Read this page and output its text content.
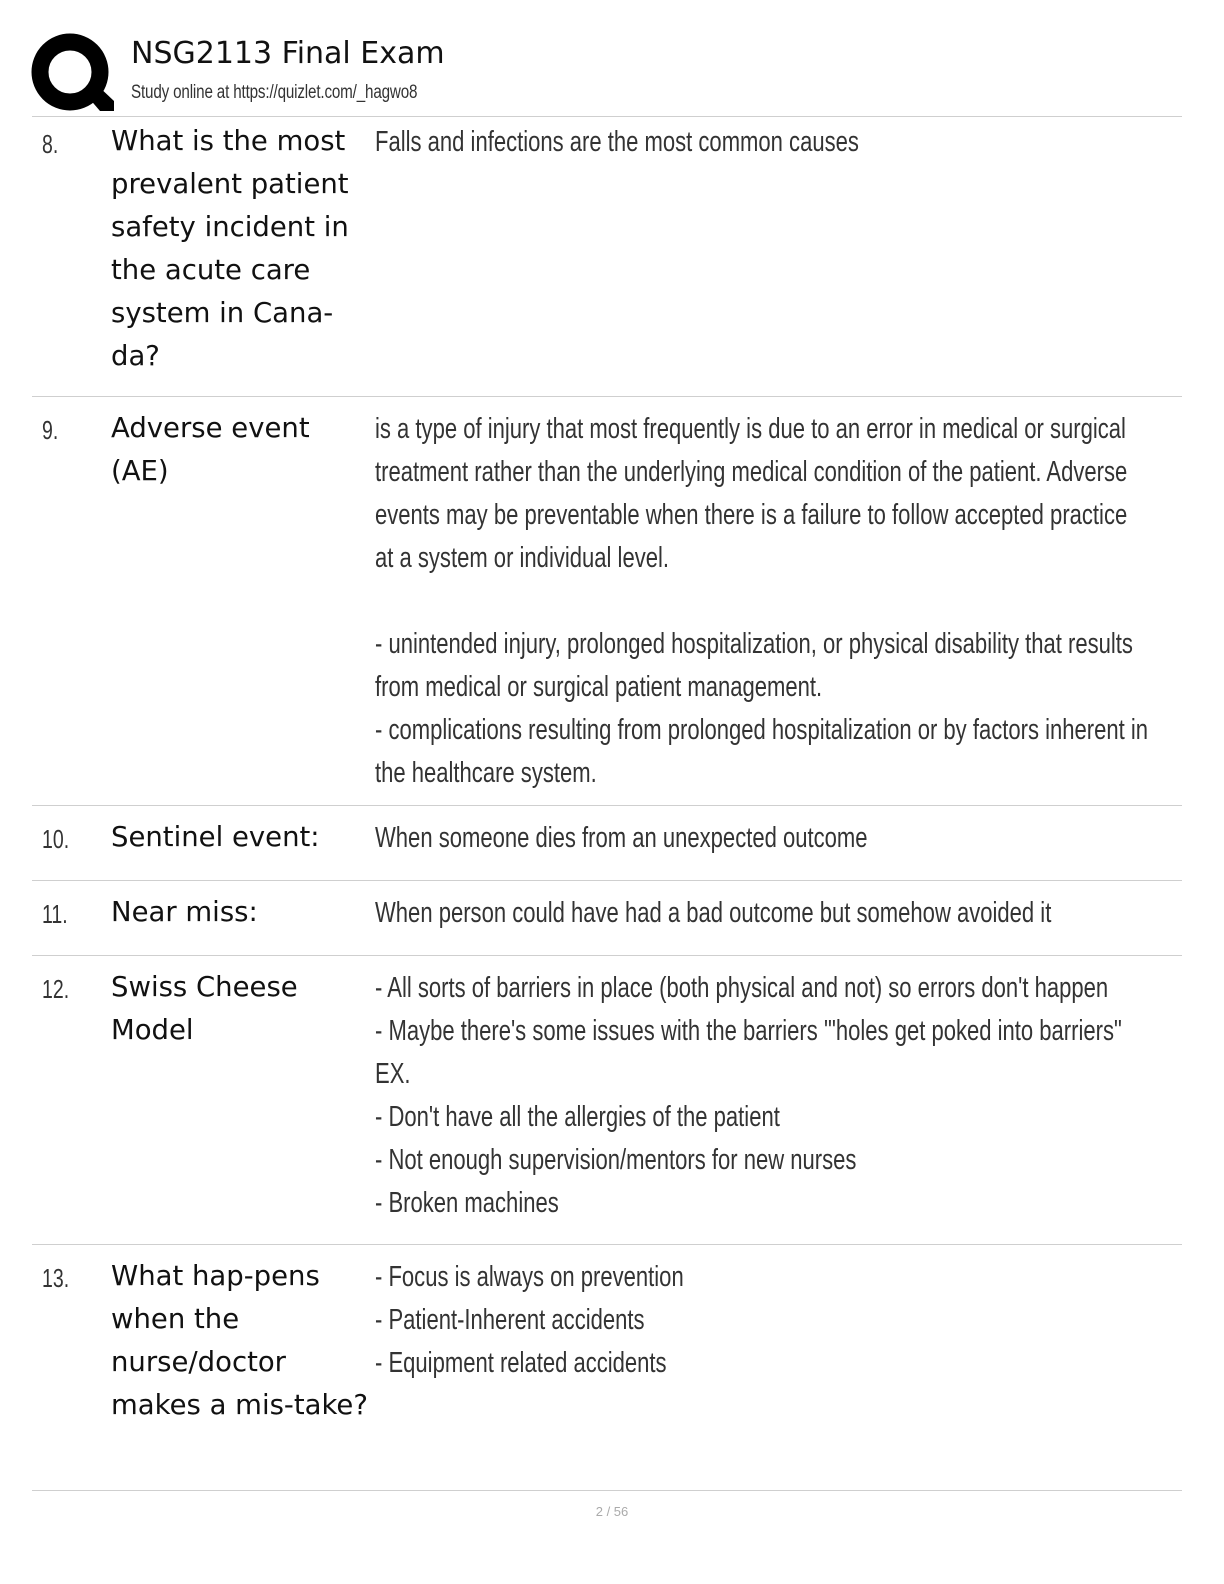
NSG2113 Final Exam
Study online at https://quizlet.com/_hagwo8
8. What is the most prevalent patient safety incident in the acute care system in Cana-da?
Falls and infections are the most common causes
9. Adverse event (AE)
is a type of injury that most frequently is due to an error in medical or surgical treatment rather than the underlying medical condition of the patient. Adverse events may be preventable when there is a failure to follow accepted practice at a system or individual level.

- unintended injury, prolonged hospitalization, or physical disability that results from medical or surgical patient management.
- complications resulting from prolonged hospitalization or by factors inherent in the healthcare system.
10. Sentinel event:	When someone dies from an unexpected outcome
11. Near miss:	When person could have had a bad outcome but somehow avoided it
12. Swiss Cheese Model
- All sorts of barriers in place (both physical and not) so errors don't happen
- Maybe there's some issues with the barriers '"holes get poked into barriers" EX.
- Don't have all the allergies of the patient
- Not enough supervision/mentors for new nurses
- Broken machines
13. What hap-pens when the nurse/doctor makes a mis-take?
- Focus is always on prevention
- Patient-Inherent accidents
- Equipment related accidents
2 / 56
